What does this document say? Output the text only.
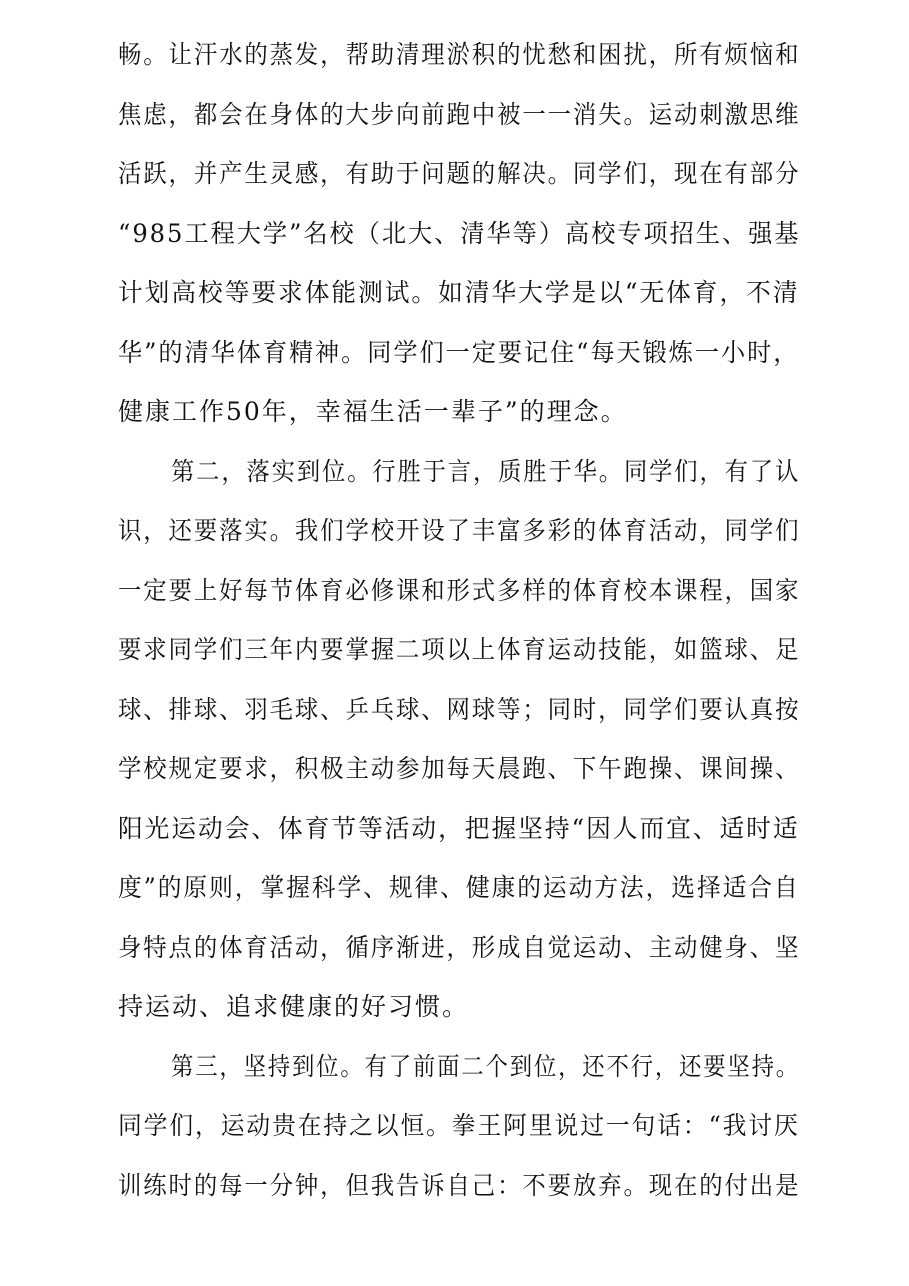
畅。让汗水的蒸发，帮助清理淤积的忧愁和困扰，所有烦恼和
焦虑，都会在身体的大步向前跑中被一一消失。运动刺激思维
活跃，并产生灵感，有助于问题的解决。同学们，现在有部分
“985工程大学”名校（北大、清华等）高校专项招生、强基
计划高校等要求体能测试。如清华大学是以“无体育，不清
华”的清华体育精神。同学们一定要记住“每天锻炼一小时，
健康工作50年，幸福生活一辈子”的理念。
第二，落实到位。行胜于言，质胜于华。同学们，有了认
识，还要落实。我们学校开设了丰富多彩的体育活动，同学们
一定要上好每节体育必修课和形式多样的体育校本课程，国家
要求同学们三年内要掌握二项以上体育运动技能，如篮球、足
球、排球、羽毛球、乒乓球、网球等；同时，同学们要认真按
学校规定要求，积极主动参加每天晨跑、下午跑操、课间操、
阳光运动会、体育节等活动，把握坚持“因人而宜、适时适
度”的原则，掌握科学、规律、健康的运动方法，选择适合自
身特点的体育活动，循序渐进，形成自觉运动、主动健身、坚
持运动、追求健康的好习惯。
第三，坚持到位。有了前面二个到位，还不行，还要坚持。
同学们，运动贵在持之以恒。拳王阿里说过一句话：“我讨厌
训练时的每一分钟，但我告诉自己：不要放弃。现在的付出是
